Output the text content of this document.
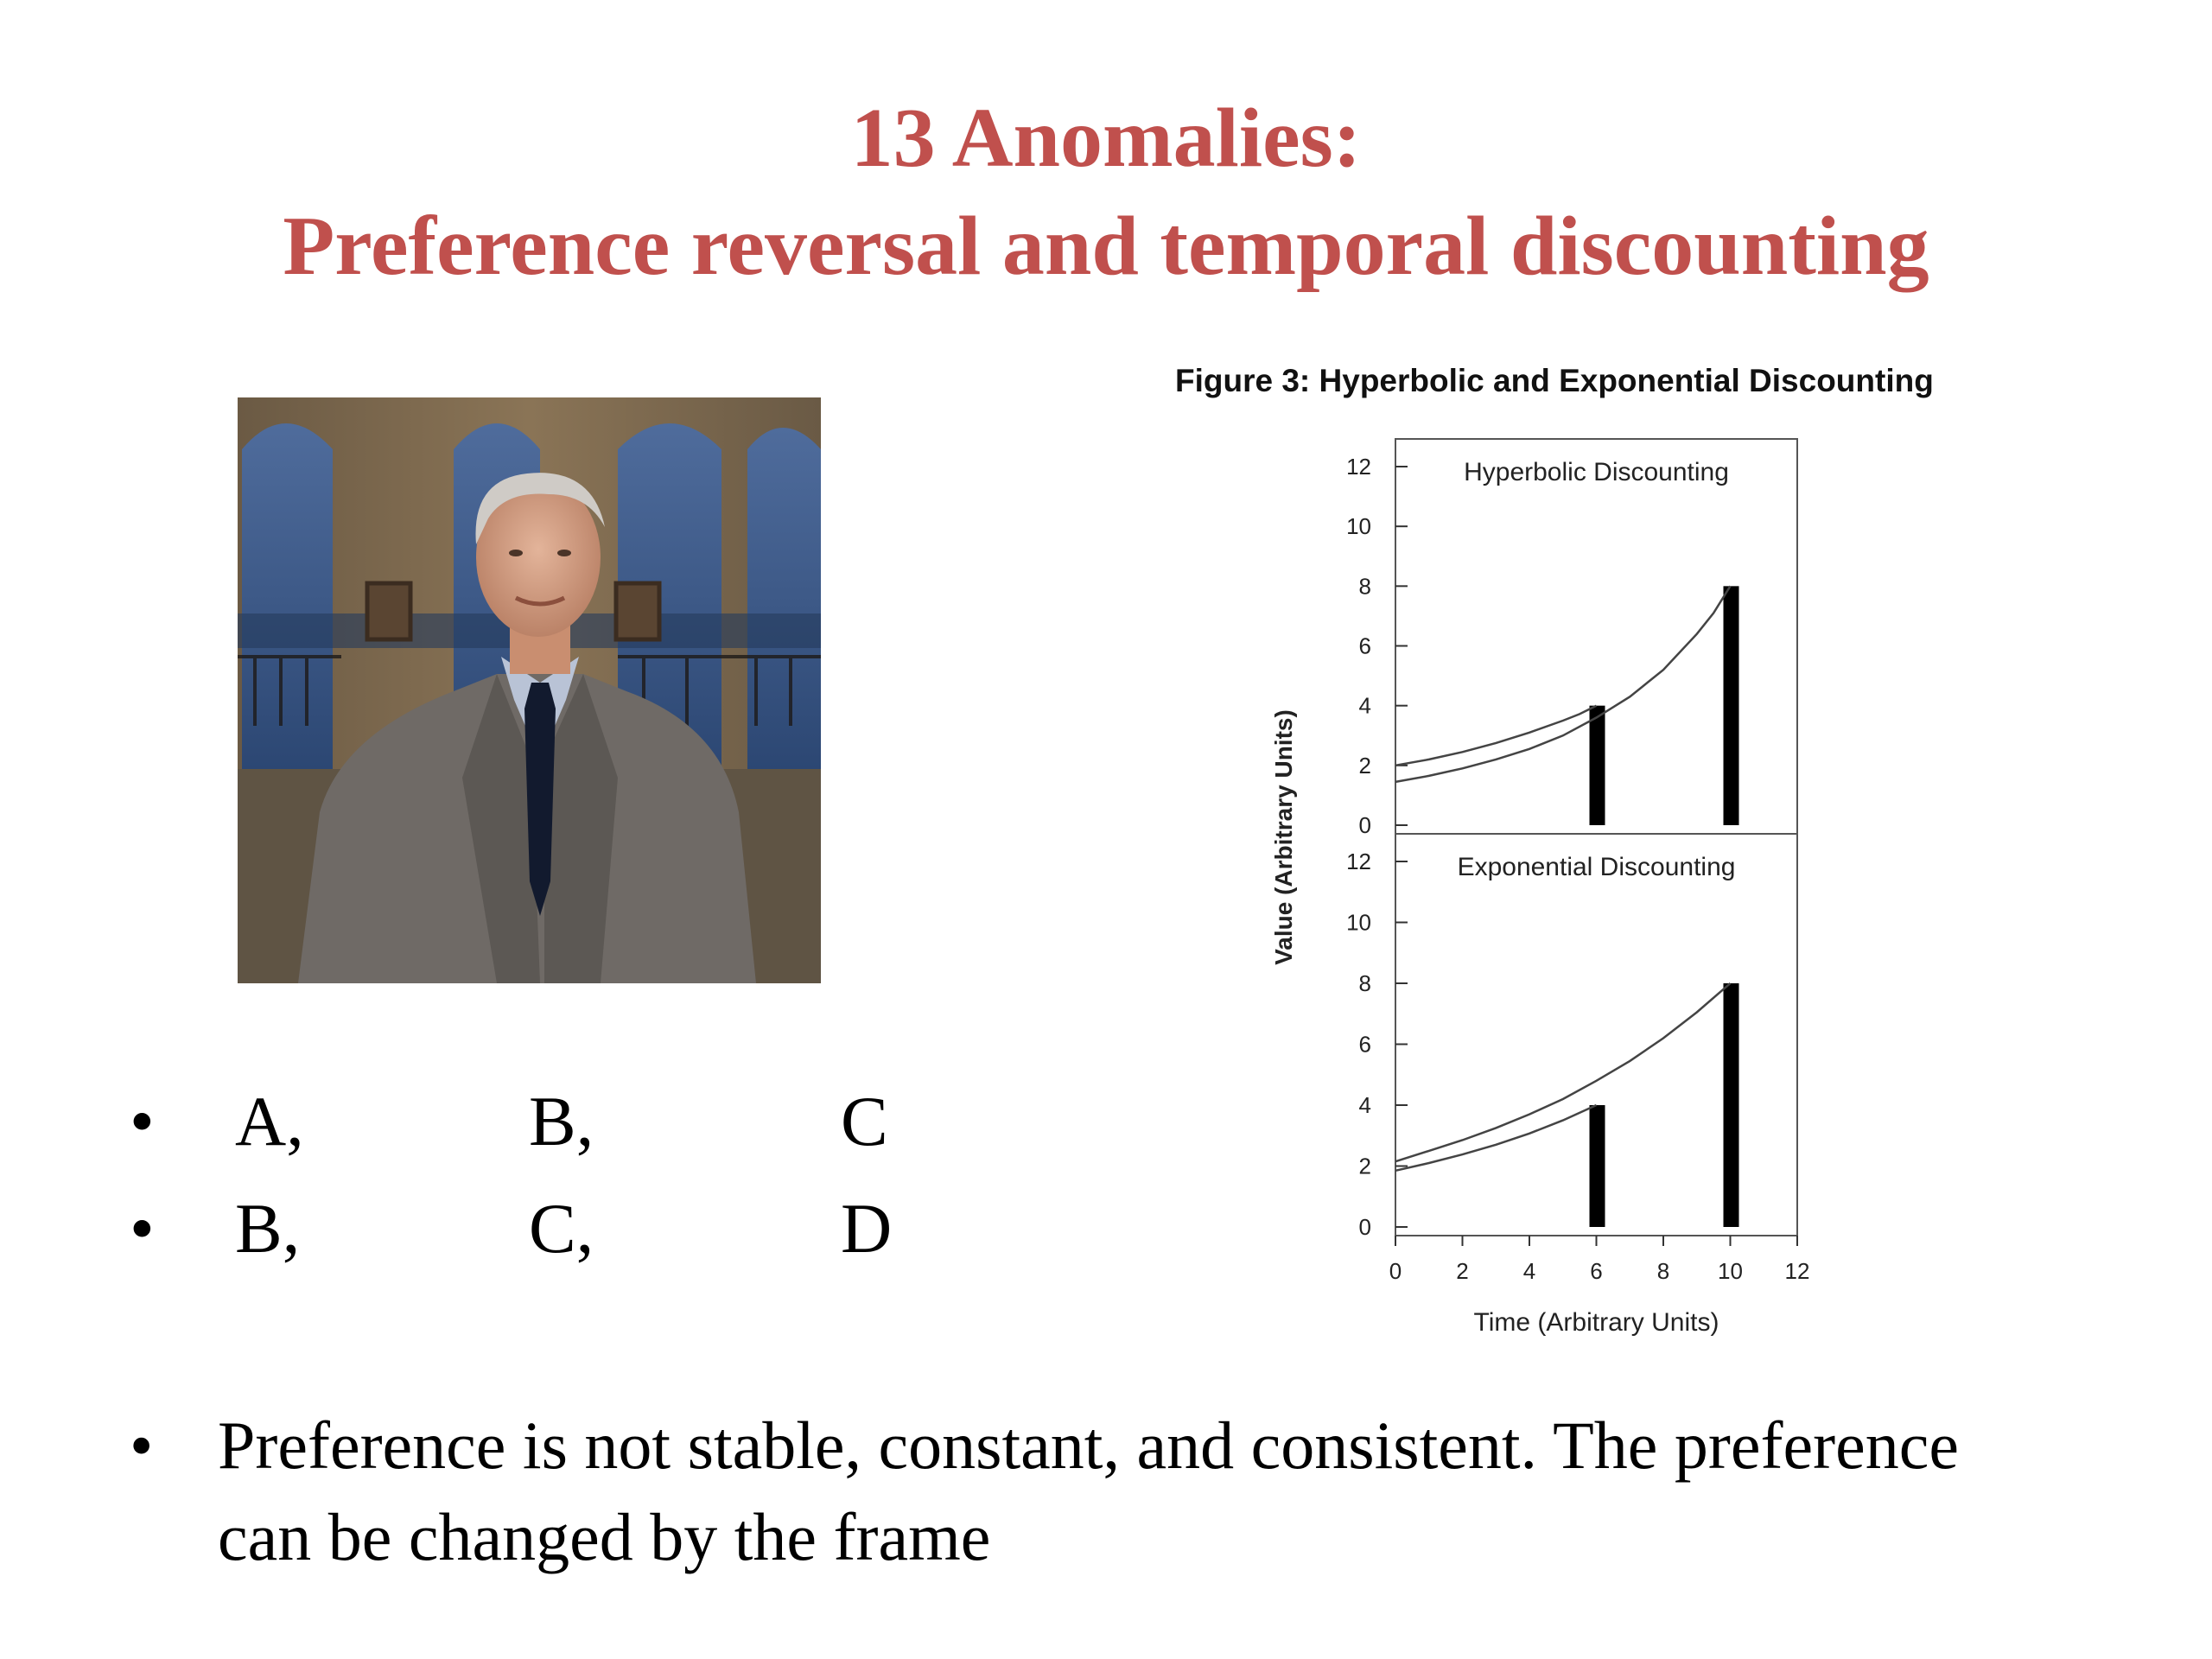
13 Anomalies:
Preference reversal and temporal discounting
• A,	B,	C
• B,	C,	D
• Preference is not stable, constant, and consistent. The preference can be changed by the frame
Figure 3: Hyperbolic and Exponential Discounting
0
2
4
6
8
10
12	Hyperbolic Discounting
0
2
4
6
8
10
12	Exponential Discounting
0 2 4 6 8 10 12
Time (Arbitrary Units)
Value (Arbitrary Units)
